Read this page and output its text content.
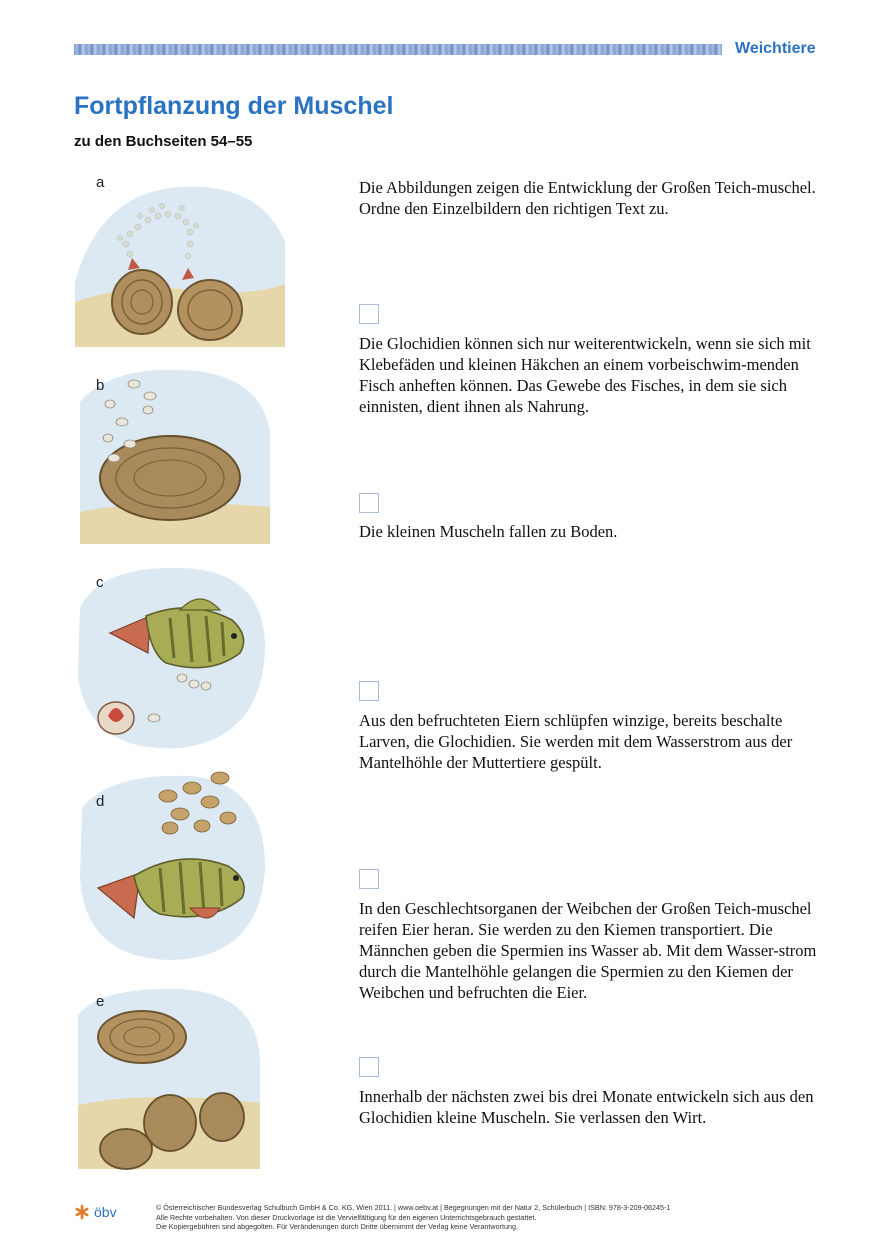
Weichtiere
Fortpflanzung der Muschel
zu den Buchseiten 54–55
a
b
c
d
e
Die Abbildungen zeigen die Entwicklung der Großen Teich-muschel. Ordne den Einzelbildern den richtigen Text zu.
Die Glochidien können sich nur weiterentwickeln, wenn sie sich mit Klebefäden und kleinen Häkchen an einem vorbeischwim-menden Fisch anheften können. Das Gewebe des Fisches, in dem sie sich einnisten, dient ihnen als Nahrung.
Die kleinen Muscheln fallen zu Boden.
Aus den befruchteten Eiern schlüpfen winzige, bereits beschalte Larven, die Glochidien. Sie werden mit dem Wasserstrom aus der Mantelhöhle der Muttertiere gespült.
In den Geschlechtsorganen der Weibchen der Großen Teich-muschel reifen Eier heran. Sie werden zu den Kiemen transportiert. Die Männchen geben die Spermien ins Wasser ab. Mit dem Wasser-strom durch die Mantelhöhle gelangen die Spermien zu den Kiemen der Weibchen und befruchten die Eier.
Innerhalb der nächsten zwei bis drei Monate entwickeln sich aus den Glochidien kleine Muscheln. Sie verlassen den Wirt.
öbv	© Österreichischer Bundesverlag Schulbuch GmbH & Co. KG, Wien 2011. | www.oebv.at | Begegnungen mit der Natur 2, Schülerbuch | ISBN: 978-3-209-06245-1
Alle Rechte vorbehalten. Von dieser Druckvorlage ist die Vervielfältigung für den eigenen Unterrichtsgebrauch gestattet.
Die Kopiergebühren sind abgegolten. Für Veränderungen durch Dritte übernimmt der Verlag keine Verantwortung.
